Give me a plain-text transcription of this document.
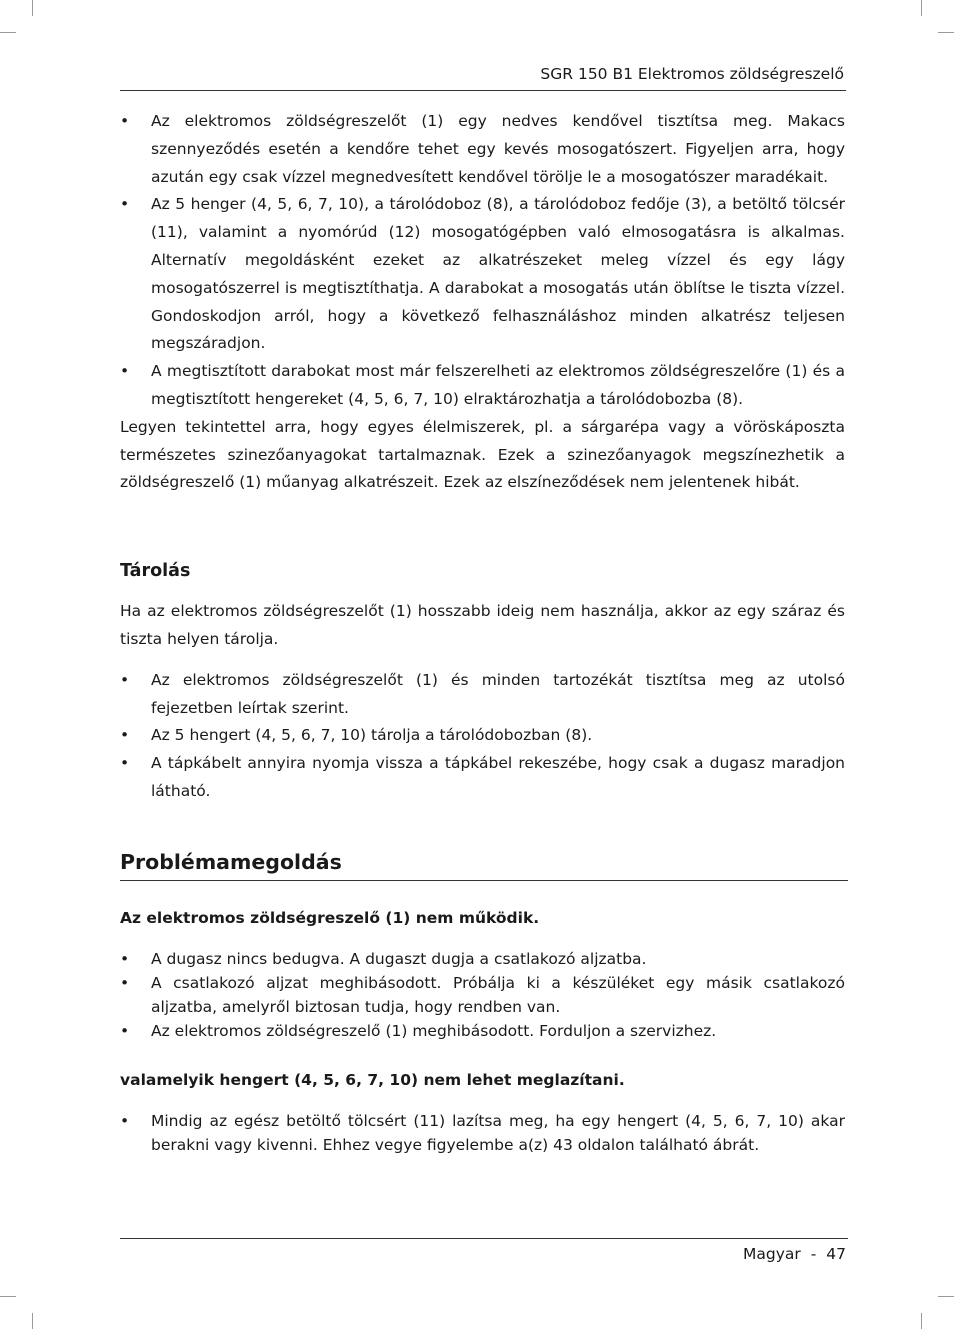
SGR 150 B1 Elektromos zöldségreszelő

• Az elektromos zöldségreszelőt (1) egy nedves kendővel tisztítsa meg. Makacs szennyeződés esetén a kendőre tehet egy kevés mosogatószert. Figyeljen arra, hogy azután egy csak vízzel megnedvesített kendővel törölje le a mosogatószer maradékait.

• Az 5 henger (4, 5, 6, 7, 10), a tárolódoboz (8), a tárolódoboz fedője (3), a betöltő tölcsér (11), valamint a nyomórúd (12) mosogatógépben való elmosogatásra is alkalmas. Alternatív megoldásként ezeket az alkatrészeket meleg vízzel és egy lágy mosogatószerrel is megtisztíthatja. A darabokat a mosogatás után öblítse le tiszta vízzel. Gondoskodjon arról, hogy a következő felhasználáshoz minden alkatrész teljesen megszáradjon.

• A megtisztított darabokat most már felszerelheti az elektromos zöldségreszelőre (1) és a megtisztított hengereket (4, 5, 6, 7, 10) elraktározhatja a tárolódobozba (8).

Legyen tekintettel arra, hogy egyes élelmiszerek, pl. a sárgarépa vagy a vöröskáposzta természetes szinezőanyagokat tartalmaznak. Ezek a szinezőanyagok megszínezhetik a zöldségreszelő (1) műanyag alkatrészeit. Ezek az elszíneződések nem jelentenek hibát.

Tárolás

Ha az elektromos zöldségreszelőt (1) hosszabb ideig nem használja, akkor az egy száraz és tiszta helyen tárolja.

• Az elektromos zöldségreszelőt (1) és minden tartozékát tisztítsa meg az utolsó fejezetben leírtak szerint.

• Az 5 hengert (4, 5, 6, 7, 10) tárolja a tárolódobozban (8).

• A tápkábelt annyira nyomja vissza a tápkábel rekeszébe, hogy csak a dugasz maradjon látható.

Problémamegoldás
Az elektromos zöldségreszelő (1) nem működik.

• A dugasz nincs bedugva. A dugaszt dugja a csatlakozó aljzatba.

• A csatlakozó aljzat meghibásodott. Próbálja ki a készüléket egy másik csatlakozó aljzatba, amelyről biztosan tudja, hogy rendben van.

• Az elektromos zöldségreszelő (1) meghibásodott. Forduljon a szervizhez.

valamelyik hengert (4, 5, 6, 7, 10) nem lehet meglazítani.

• Mindig az egész betöltő tölcsért (11) lazítsa meg, ha egy hengert (4, 5, 6, 7, 10) akar berakni vagy kivenni. Ehhez vegye figyelembe a(z) 43 oldalon található ábrát.

Magyar - 47
